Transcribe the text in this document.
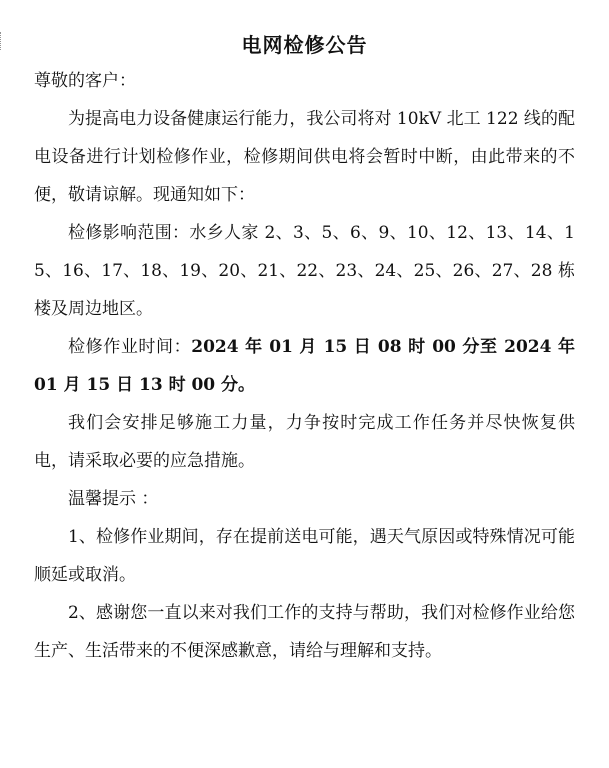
电网检修公告

尊敬的客户：

为提高电力设备健康运行能力，我公司将对 10kV 北工 122 线的配电设备进行计划检修作业，检修期间供电将会暂时中断，由此带来的不便，敬请谅解。现通知如下：

检修影响范围：水乡人家 2、3、5、6、9、10、12、13、14、15、16、17、18、19、20、21、22、23、24、25、26、27、28 栋楼及周边地区。

检修作业时间：2024 年 01 月 15 日 08 时 00 分至 2024 年 01 月 15 日 13 时 00 分。

我们会安排足够施工力量，力争按时完成工作任务并尽快恢复供电，请采取必要的应急措施。

温馨提示 ：

1、检修作业期间，存在提前送电可能，遇天气原因或特殊情况可能顺延或取消。

2、感谢您一直以来对我们工作的支持与帮助，我们对检修作业给您生产、生活带来的不便深感歉意，请给与理解和支持。
